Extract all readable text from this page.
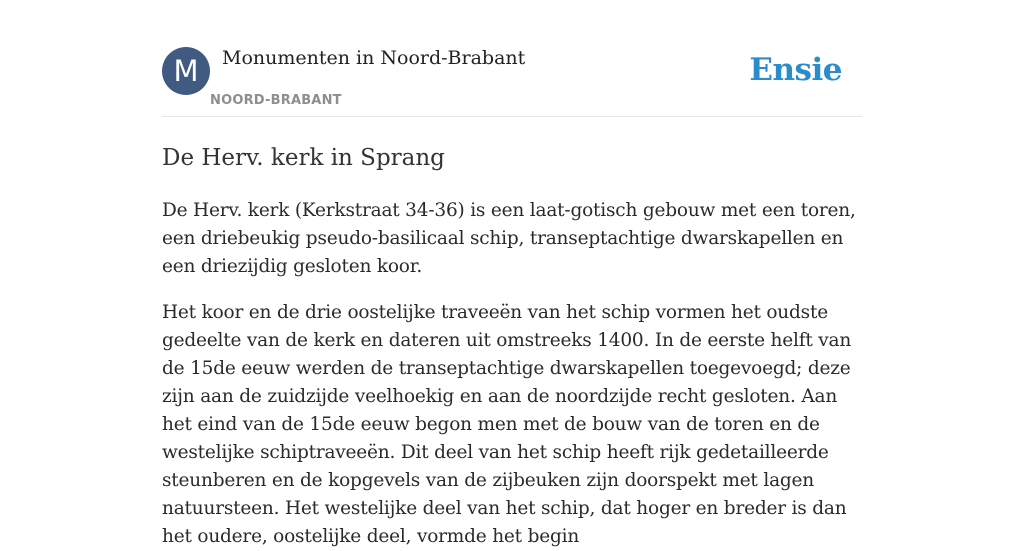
M	Monumenten in Noord-Brabant
NOORD-BRABANT
Ensie
De Herv. kerk in Sprang

De Herv. kerk (Kerkstraat 34-36) is een laat-gotisch gebouw met een toren, een driebeukig pseudo-basilicaal schip, transeptachtige dwarskapellen en een driezijdig gesloten koor.

Het koor en de drie oostelijke traveeën van het schip vormen het oudste gedeelte van de kerk en dateren uit omstreeks 1400. In de eerste helft van de 15de eeuw werden de transeptachtige dwarskapellen toegevoegd; deze zijn aan de zuidzijde veelhoekig en aan de noordzijde recht gesloten. Aan het eind van de 15de eeuw begon men met de bouw van de toren en de westelijke schiptraveeën. Dit deel van het schip heeft rijk gedetailleerde steunberen en de kopgevels van de zijbeuken zijn doorspekt met lagen natuursteen. Het westelijke deel van het schip, dat hoger en breder is dan het oudere, oostelijke deel, vormde het begin
